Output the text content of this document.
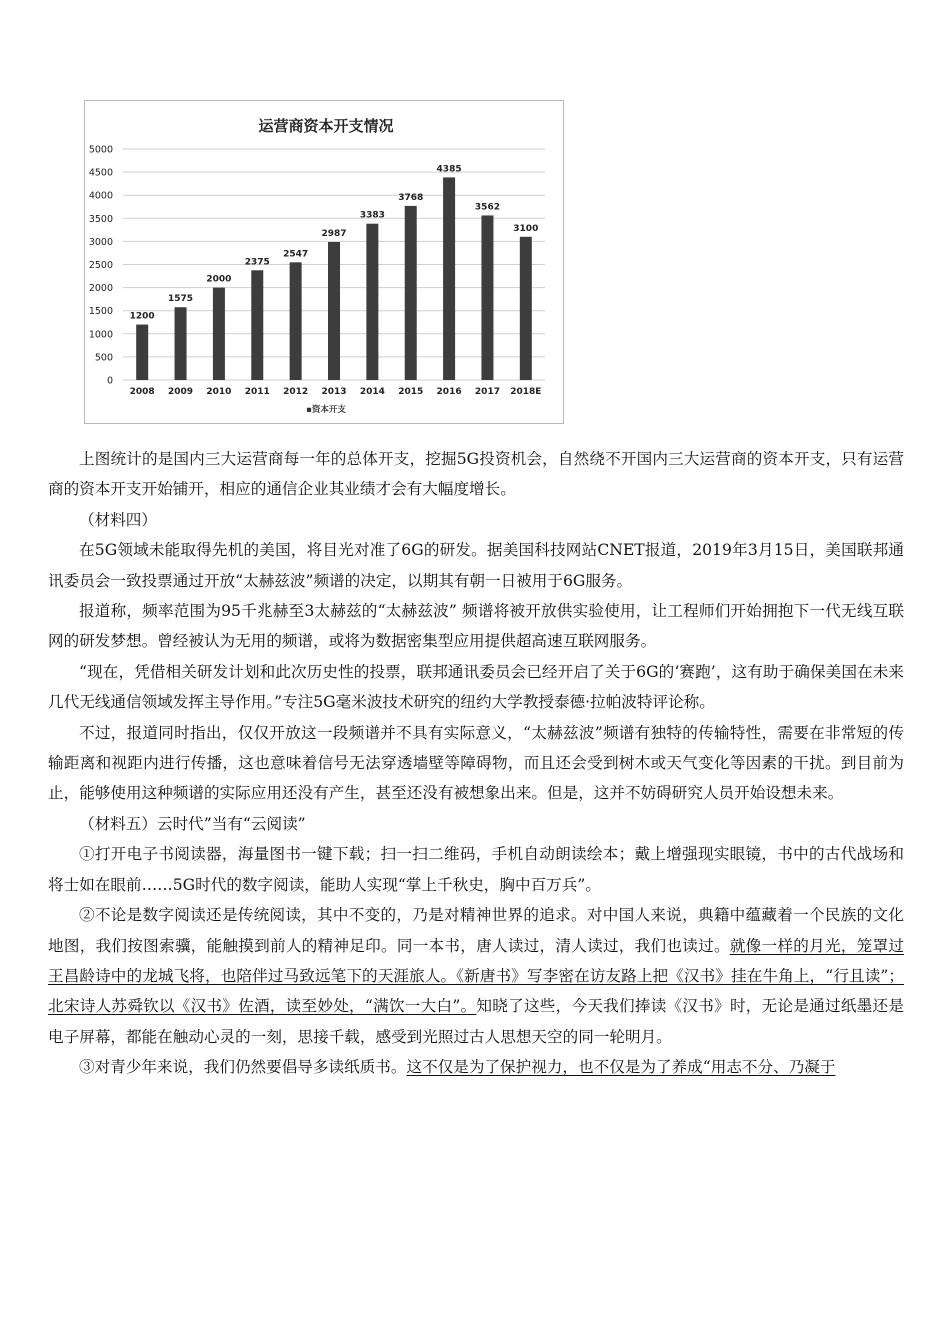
运营商资本开支情况
0
500
1000
1500
2000
2500
3000
3500
4000
4500
5000
1200
2008
1575
2009
2000
2010
2375
2011
2547
2012
2987
2013
3383
2014
3768
2015
4385
2016
3562
2017
3100
2018E
▪资本开支

上图统计的是国内三大运营商每一年的总体开支，挖掘5G投资机会，自然绕不开国内三大运营商的资本开支，只有运营商的资本开支开始铺开，相应的通信企业其业绩才会有大幅度增长。

（材料四）

在5G领域未能取得先机的美国，将目光对准了6G的研发。据美国科技网站CNET报道，2019年3月15日，美国联邦通讯委员会一致投票通过开放“太赫兹波”频谱的决定，以期其有朝一日被用于6G服务。

报道称，频率范围为95千兆赫至3太赫兹的“太赫兹波” 频谱将被开放供实验使用，让工程师们开始拥抱下一代无线互联网的研发梦想。曾经被认为无用的频谱，或将为数据密集型应用提供超高速互联网服务。

“现在，凭借相关研发计划和此次历史性的投票，联邦通讯委员会已经开启了关于6G的‘赛跑’，这有助于确保美国在未来几代无线通信领域发挥主导作用。”专注5G毫米波技术研究的纽约大学教授泰德·拉帕波特评论称。

不过，报道同时指出，仅仅开放这一段频谱并不具有实际意义，“太赫兹波”频谱有独特的传输特性，需要在非常短的传输距离和视距内进行传播，这也意味着信号无法穿透墙壁等障碍物，而且还会受到树木或天气变化等因素的干扰。到目前为止，能够使用这种频谱的实际应用还没有产生，甚至还没有被想象出来。但是，这并不妨碍研究人员开始设想未来。

（材料五）云时代”当有“云阅读”

①打开电子书阅读器，海量图书一键下载；扫一扫二维码，手机自动朗读绘本；戴上增强现实眼镜，书中的古代战场和将士如在眼前……5G时代的数字阅读，能助人实现“掌上千秋史，胸中百万兵”。

②不论是数字阅读还是传统阅读，其中不变的，乃是对精神世界的追求。对中国人来说，典籍中蕴藏着一个民族的文化地图，我们按图索骥，能触摸到前人的精神足印。同一本书，唐人读过，清人读过，我们也读过。就像一样的月光，笼罩过王昌龄诗中的龙城飞将，也陪伴过马致远笔下的天涯旅人。《新唐书》写李密在访友路上把《汉书》挂在牛角上，“行且读”；北宋诗人苏舜钦以《汉书》佐酒，读至妙处，“满饮一大白”。知晓了这些，今天我们捧读《汉书》时，无论是通过纸墨还是电子屏幕，都能在触动心灵的一刻，思接千载，感受到光照过古人思想天空的同一轮明月。

③对青少年来说，我们仍然要倡导多读纸质书。这不仅是为了保护视力，也不仅是为了养成“用志不分、乃凝于
